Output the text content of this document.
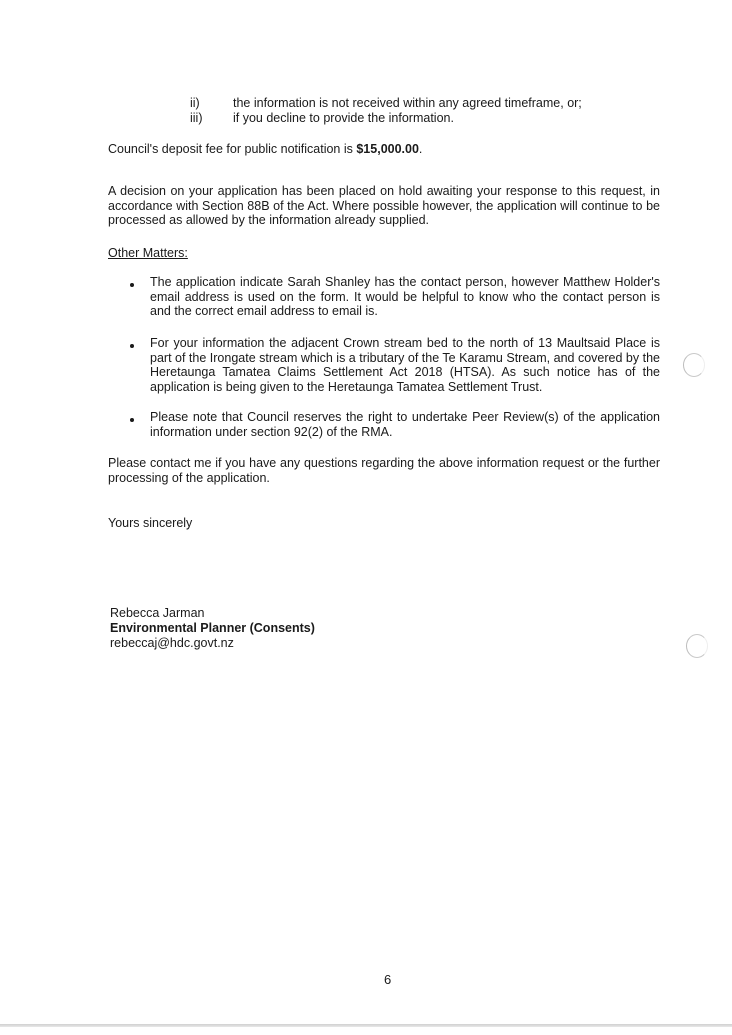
ii)	the information is not received within any agreed timeframe, or;
iii) if you decline to provide the information.
Council's deposit fee for public notification is $15,000.00.
A decision on your application has been placed on hold awaiting your response to this request, in accordance with Section 88B of the Act. Where possible however, the application will continue to be processed as allowed by the information already supplied.
Other Matters:
The application indicate Sarah Shanley has the contact person, however Matthew Holder's email address is used on the form. It would be helpful to know who the contact person is and the correct email address to email is.
For your information the adjacent Crown stream bed to the north of 13 Maultsaid Place is part of the Irongate stream which is a tributary of the Te Karamu Stream, and covered by the Heretaunga Tamatea Claims Settlement Act 2018 (HTSA). As such notice has of the application is being given to the Heretaunga Tamatea Settlement Trust.
Please note that Council reserves the right to undertake Peer Review(s) of the application information under section 92(2) of the RMA.
Please contact me if you have any questions regarding the above information request or the further processing of the application.
Yours sincerely
Rebecca Jarman
Environmental Planner (Consents)
rebeccaj@hdc.govt.nz
6
